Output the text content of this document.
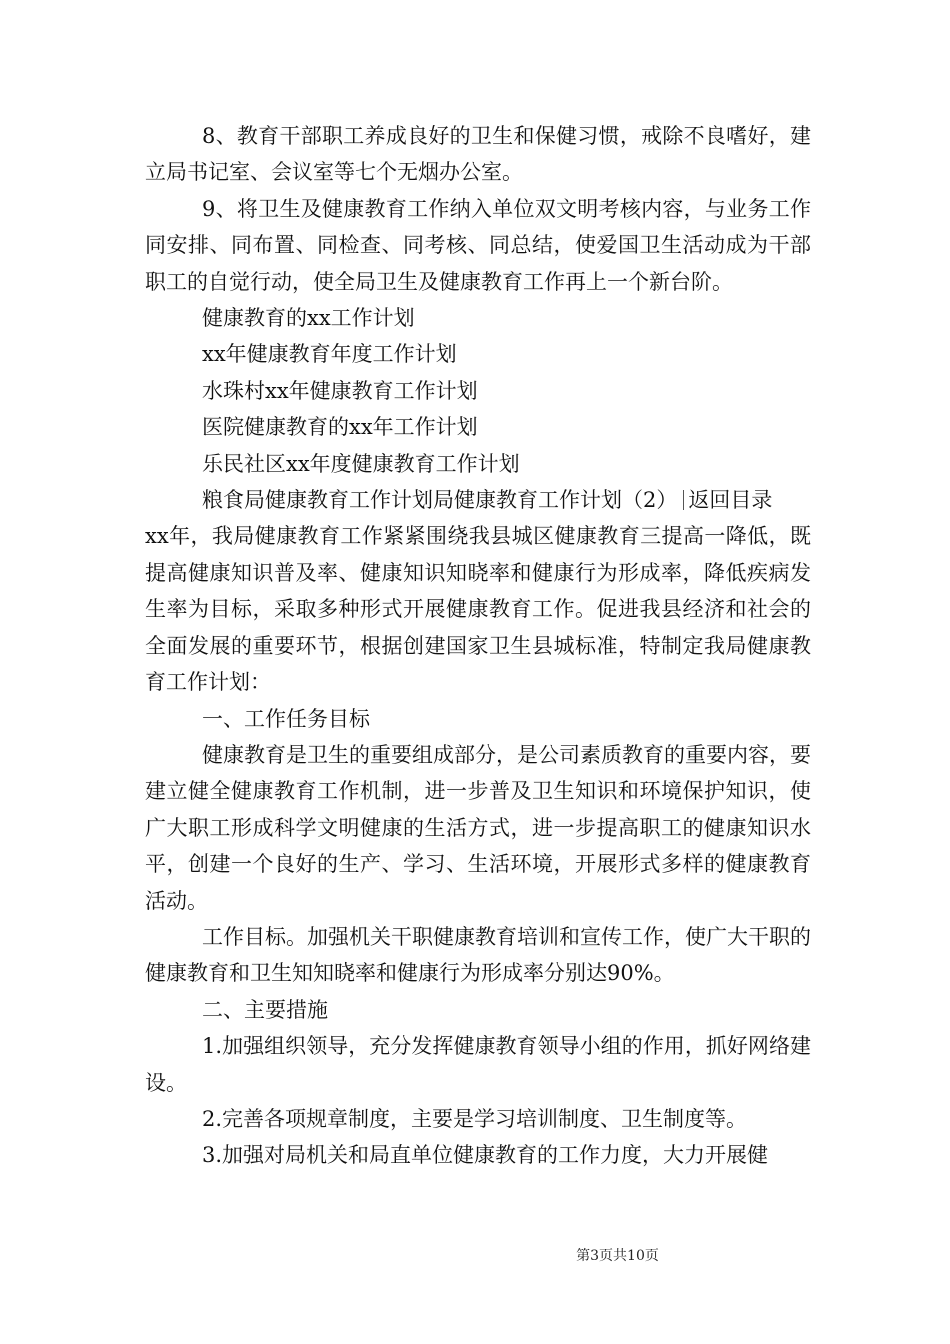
8、教育干部职工养成良好的卫生和保健习惯，戒除不良嗜好，建立局书记室、会议室等七个无烟办公室。

9、将卫生及健康教育工作纳入单位双文明考核内容，与业务工作同安排、同布置、同检查、同考核、同总结，使爱国卫生活动成为干部职工的自觉行动，使全局卫生及健康教育工作再上一个新台阶。

健康教育的xx工作计划

xx年健康教育年度工作计划

水珠村xx年健康教育工作计划

医院健康教育的xx年工作计划

乐民社区xx年度健康教育工作计划

粮食局健康教育工作计划局健康教育工作计划（2） 返回目录

xx年，我局健康教育工作紧紧围绕我县城区健康教育三提高一降低，既提高健康知识普及率、健康知识知晓率和健康行为形成率，降低疾病发生率为目标，采取多种形式开展健康教育工作。促进我县经济和社会的全面发展的重要环节，根据创建国家卫生县城标准，特制定我局健康教育工作计划：

一、工作任务目标

健康教育是卫生的重要组成部分，是公司素质教育的重要内容，要建立健全健康教育工作机制，进一步普及卫生知识和环境保护知识，使广大职工形成科学文明健康的生活方式，进一步提高职工的健康知识水平，创建一个良好的生产、学习、生活环境，开展形式多样的健康教育活动。

工作目标。加强机关干职健康教育培训和宣传工作，使广大干职的健康教育和卫生知知晓率和健康行为形成率分别达90%。

二、主要措施

1.加强组织领导，充分发挥健康教育领导小组的作用，抓好网络建设。

2.完善各项规章制度，主要是学习培训制度、卫生制度等。

3.加强对局机关和局直单位健康教育的工作力度，大力开展健

第3页共10页
